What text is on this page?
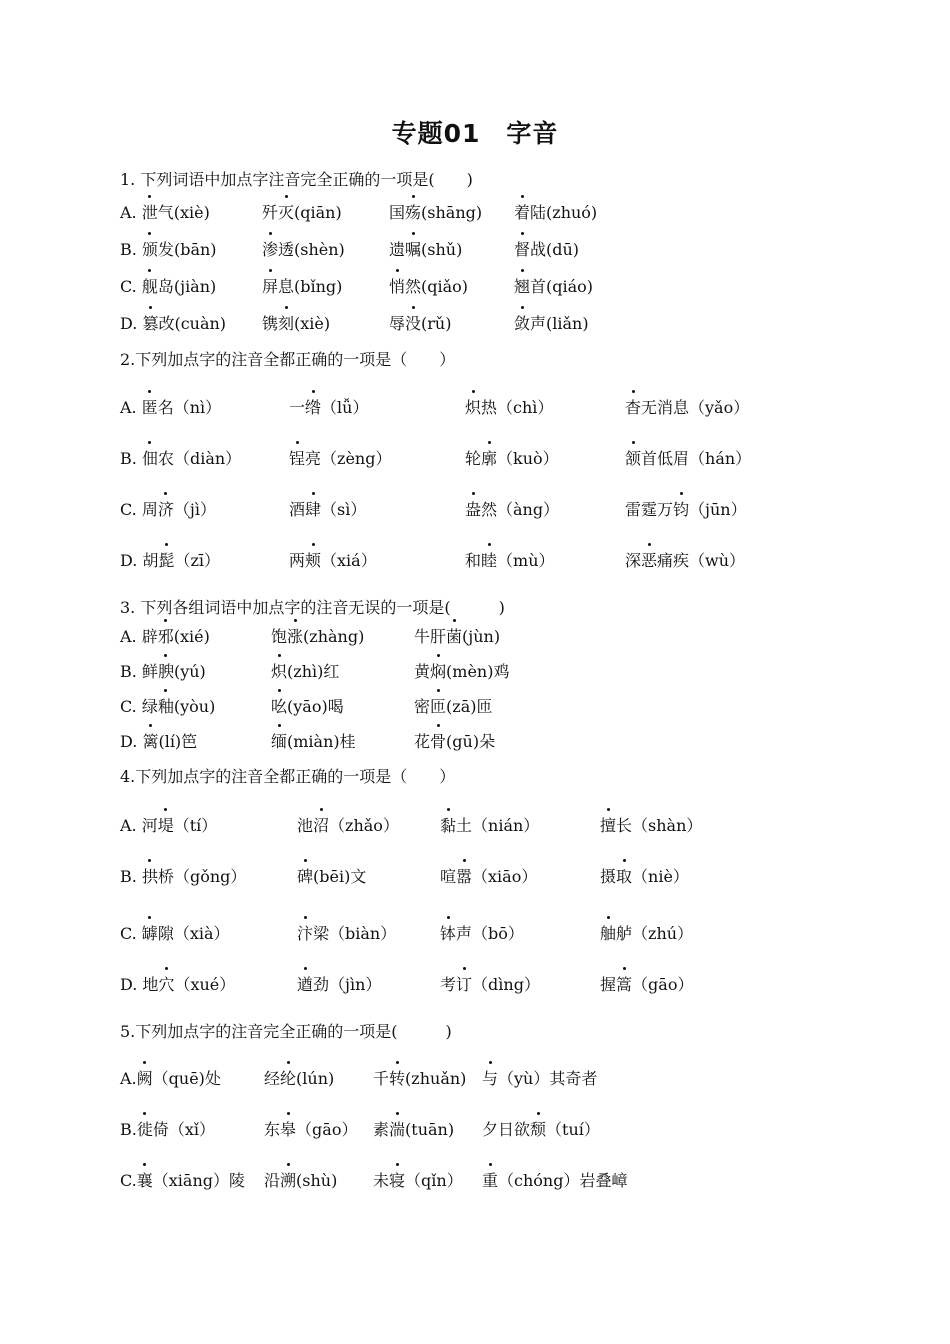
专题01　字音
1. 下列词语中加点字注音完全正确的一项是(　　)
A. 泄气(xiè)	歼灭(qiān)	国殇(shāng) 着陆(zhuó)
B. 颁发(bān)	渗透(shèn)	遗嘱(shǔ)	督战(dū)
C. 舰岛(jiàn)	屏息(bǐng)	悄然(qiǎo)	翘首(qiáo)
D. 篡改(cuàn) 镌刻(xiè)	辱没(rǔ)	敛声(liǎn)
2.下列加点字的注音全都正确的一项是（　　）
A. 匿名（nì）	一绺（lǚ）	炽热（chì）	杳无消息（yǎo）
B. 佃农（diàn）	锃亮（zèng）	轮廓（kuò）	颔首低眉（hán）
C. 周济（jì）	酒肆（sì）	盎然（àng）	雷霆万钧（jūn）
D. 胡髭（zī）	两颊（xiá）	和睦（mù）	深恶痛疾（wù）
3. 下列各组词语中加点字的注音无误的一项是(　　　)
A. 辟邪(xié)	饱涨(zhàng)	牛肝菌(jùn)
B. 鲜腴(yú)	炽(zhì)红	黄焖(mèn)鸡
C. 绿釉(yòu)	吆(yāo)喝	密匝(zā)匝
D. 篱(lí)笆	缅(miàn)桂	花骨(gū)朵
4.下列加点字的注音全都正确的一项是（　　）
A. 河堤（tí）	池沼（zhǎo）	黏土（nián）	擅长（shàn）
B. 拱桥（gǒng）	碑(bēi)文	喧嚣（xiāo）	摄取（niè）
C. 罅隙（xià）	汴梁（biàn）	钵声（bō）	舳舻（zhú）
D. 地穴（xué）	遒劲（jìn）	考订（dìng）	握篙（gāo）
5.下列加点字的注音完全正确的一项是(　　　)
A.阙（quē)处	经纶(lún) 千转(zhuǎn) 与（yù）其奇者
B.徙倚（xǐ）	东皋（gāo） 素湍(tuān) 夕日欲颓（tuí）
C.襄（xiāng）陵 沿溯(shù) 未寝（qǐn） 重（chóng）岩叠嶂
